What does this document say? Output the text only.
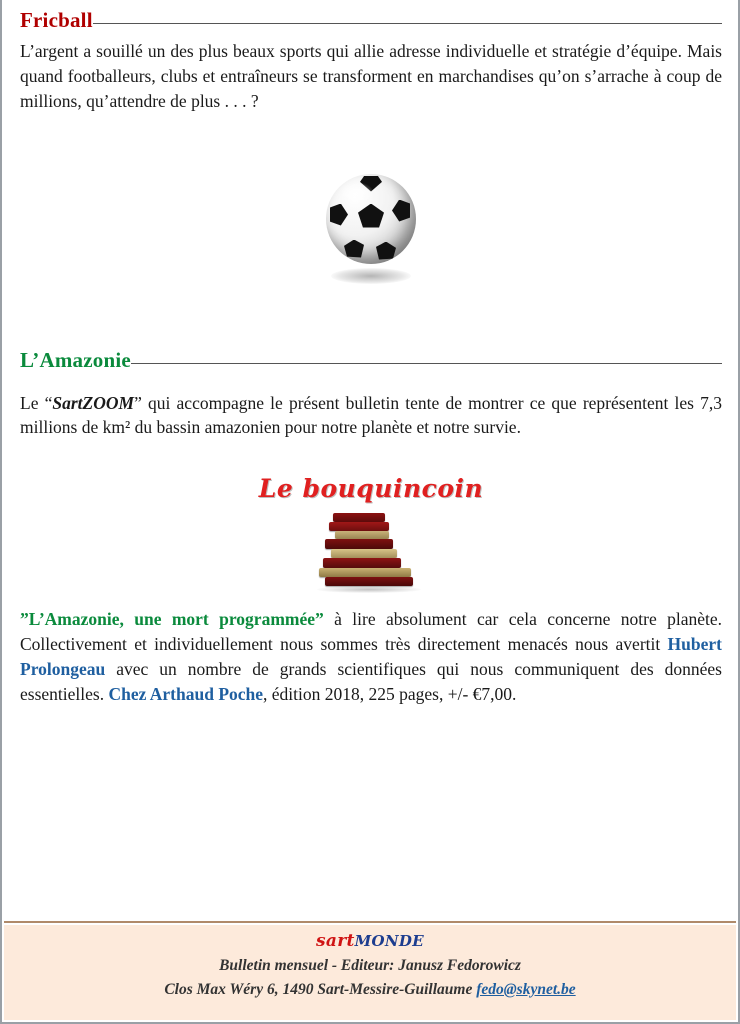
Fricball

L’argent a souillé un des plus beaux sports qui allie adresse individuelle et stratégie d’équipe. Mais quand footballeurs, clubs et entraîneurs se transforment en marchandises qu’on s’arrache à coup de millions, qu’attendre de plus . . . ?

L’Amazonie

Le “SartZOOM” qui accompagne le présent bulletin tente de montrer ce que représentent les 7,3 millions de km² du bassin amazonien pour notre planète et notre survie.

Le bouquincoin

”L’Amazonie, une mort programmée” à lire absolument car cela concerne notre planète. Collectivement et individuellement nous sommes très directement menacés nous avertit Hubert Prolongeau avec un nombre de grands scientifiques qui nous communiquent des données essentielles. Chez Arthaud Poche, édition 2018, 225 pages, +/- €7,00.

sartMONDE
Bulletin mensuel - Editeur: Janusz Fedorowicz
Clos Max Wéry 6, 1490 Sart-Messire-Guillaume fedo@skynet.be
